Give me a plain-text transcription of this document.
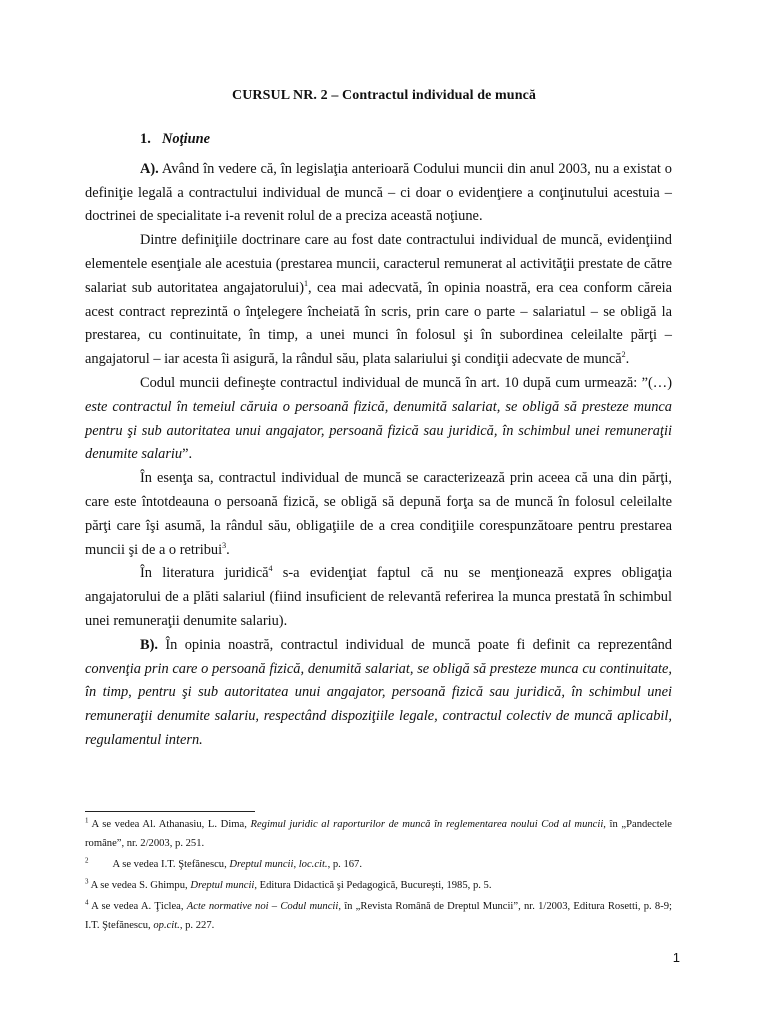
CURSUL NR. 2 – Contractul individual de muncă
1. Noţiune

A). Având în vedere că, în legislaţia anterioară Codului muncii din anul 2003, nu a existat o definiţie legală a contractului individual de muncă – ci doar o evidenţiere a conţinutului acestuia – doctrinei de specialitate i-a revenit rolul de a preciza această noţiune.

Dintre definiţiile doctrinare care au fost date contractului individual de muncă, evidenţiind elementele esenţiale ale acestuia (prestarea muncii, caracterul remunerat al activităţii prestate de către salariat sub autoritatea angajatorului)$^1$, cea mai adecvată, în opinia noastră, era cea conform căreia acest contract reprezintă o înţelegere încheiată în scris, prin care o parte – salariatul – se obligă la prestarea, cu continuitate, în timp, a unei munci în folosul şi în subordinea celeilalte părţi – angajatorul – iar acesta îi asigură, la rândul său, plata salariului şi condiţii adecvate de muncă$^2$.

Codul muncii defineşte contractul individual de muncă în art. 10 după cum urmează: ”(…) este contractul în temeiul căruia o persoană fizică, denumită salariat, se obligă să presteze munca pentru şi sub autoritatea unui angajator, persoană fizică sau juridică, în schimbul unei remuneraţii denumite salariu”.

În esenţa sa, contractul individual de muncă se caracterizează prin aceea că una din părţi, care este întotdeauna o persoană fizică, se obligă să depună forţa sa de muncă în folosul celeilalte părţi care îşi asumă, la rândul său, obligaţiile de a crea condiţiile corespunzătoare pentru prestarea muncii şi de a o retribui$^3$.

În literatura juridică$^4$ s-a evidenţiat faptul că nu se menţionează expres obligaţia angajatorului de a plăti salariul (fiind insuficient de relevantă referirea la munca prestată în schimbul unei remuneraţii denumite salariu).

B). În opinia noastră, contractul individual de muncă poate fi definit ca reprezentând convenţia prin care o persoană fizică, denumită salariat, se obligă să presteze munca cu continuitate, în timp, pentru şi sub autoritatea unui angajator, persoană fizică sau juridică, în schimbul unei remuneraţii denumite salariu, respectând dispoziţiile legale, contractul colectiv de muncă aplicabil, regulamentul intern.

$^1$ A se vedea Al. Athanasiu, L. Dima, Regimul juridic al raporturilor de muncă în reglementarea noului Cod al muncii, în „Pandectele române”, nr. 2/2003, p. 251.
$^2$ A se vedea I.T. Ştefănescu, Dreptul muncii, loc.cit., p. 167.
$^3$ A se vedea S. Ghimpu, Dreptul muncii, Editura Didactică şi Pedagogică, Bucureşti, 1985, p. 5.
$^4$ A se vedea A. Ţiclea, Acte normative noi – Codul muncii, în „Revista Română de Dreptul Muncii”, nr. 1/2003, Editura Rosetti, p. 8-9; I.T. Ştefănescu, op.cit., p. 227.
1
